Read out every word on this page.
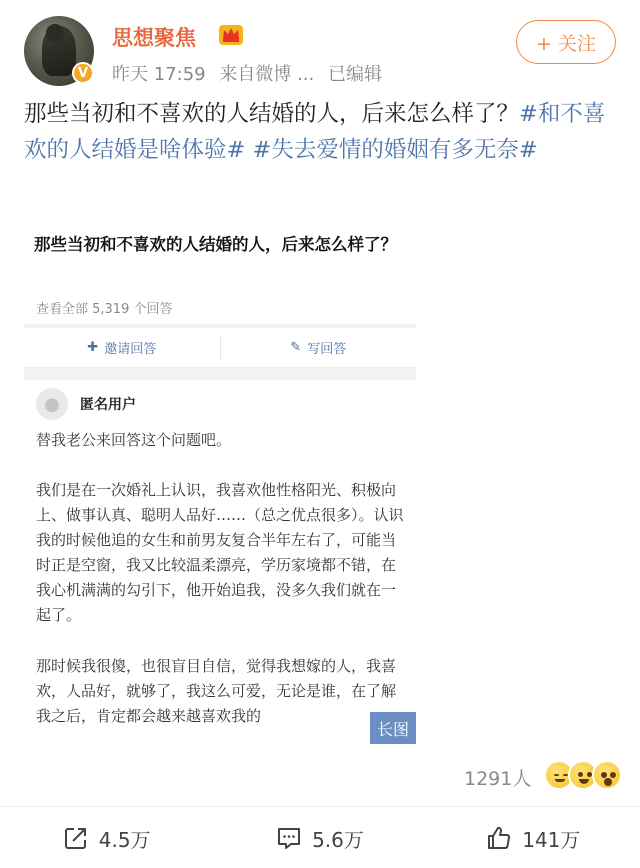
V
思想聚焦
昨天 17:59 来自微博 ... 已编辑
+ 关注
那些当初和不喜欢的人结婚的人，后来怎么样了？#和不喜欢的人结婚是啥体验# #失去爱情的婚姻有多无奈#
那些当初和不喜欢的人结婚的人，后来怎么样了？
查看全部 5,319 个回答
✚ 邀请回答	✎ 写回答
●	匿名用户

替我老公来回答这个问题吧。

我们是在一次婚礼上认识，我喜欢他性格阳光、积极向上、做事认真、聪明人品好……（总之优点很多）。认识我的时候他追的女生和前男友复合半年左右了，可能当时正是空窗，我又比较温柔漂亮，学历家境都不错，在我心机满满的勾引下，他开始追我，没多久我们就在一起了。

那时候我很傻，也很盲目自信，觉得我想嫁的人，我喜欢，人品好，就够了，我这么可爱，无论是谁，在了解我之后，肯定都会越来越喜欢我的

长图
1291人
4.5万	5.6万	141万
